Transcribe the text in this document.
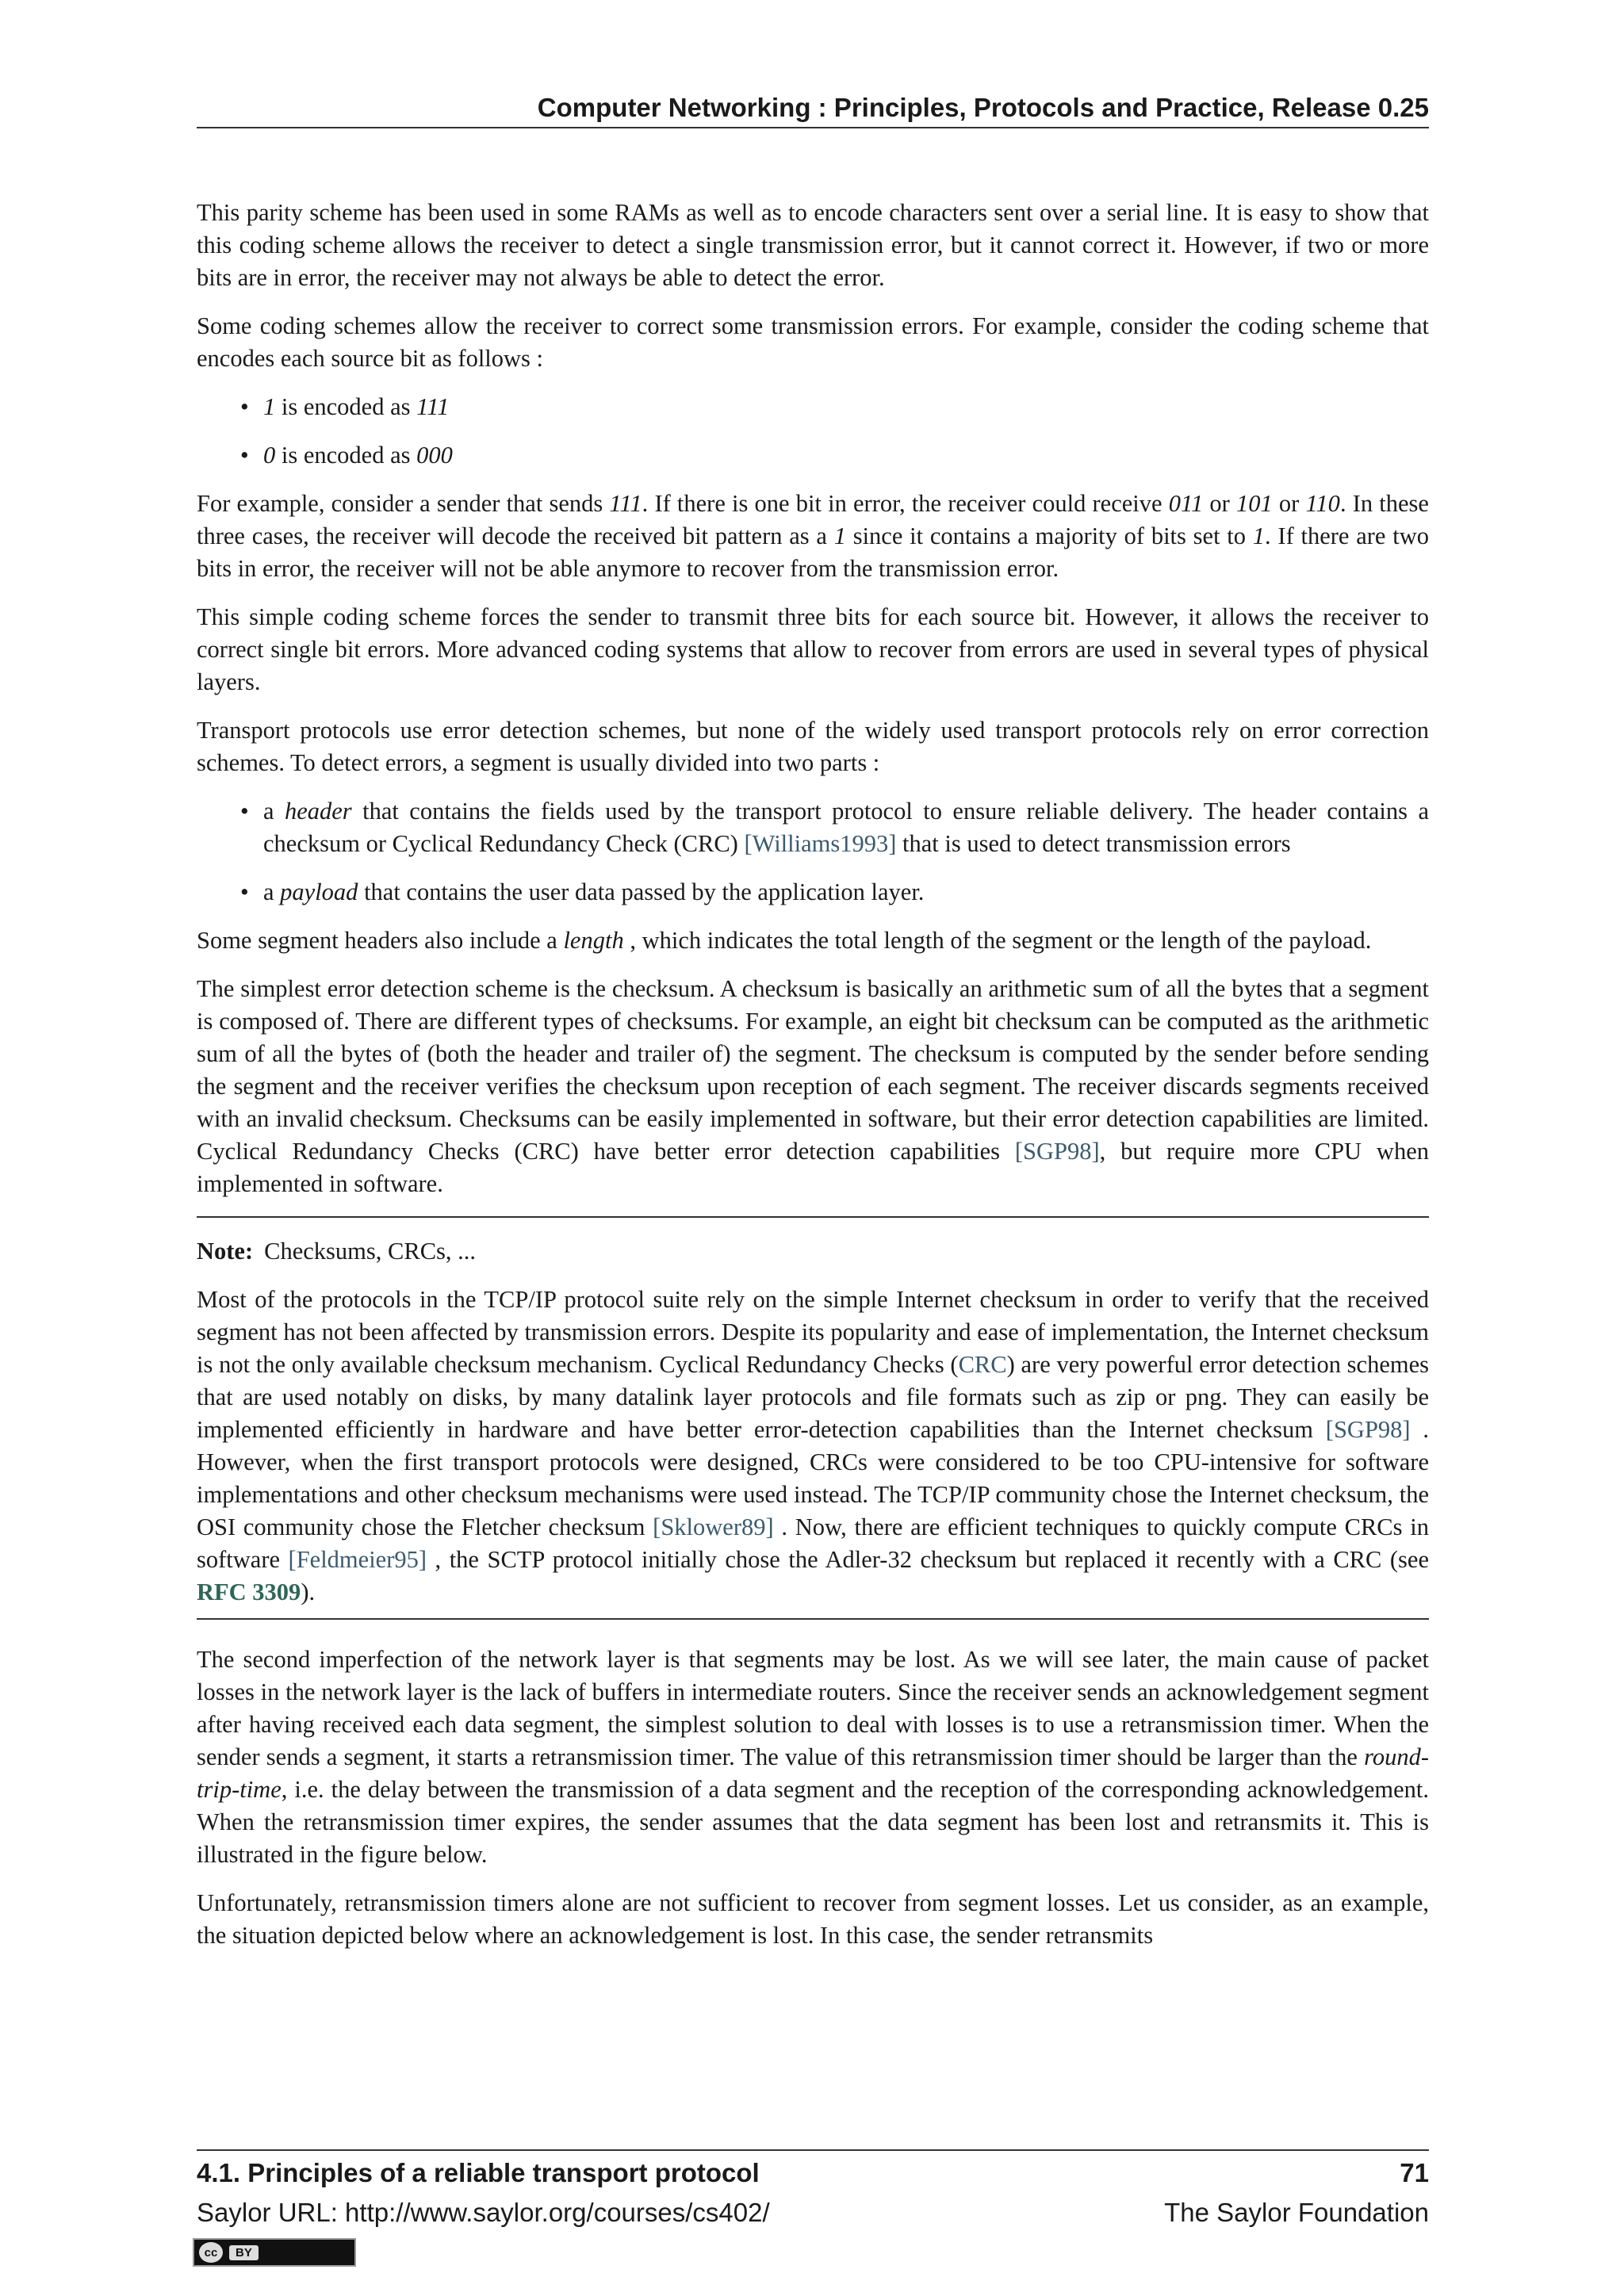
Computer Networking : Principles, Protocols and Practice, Release 0.25

This parity scheme has been used in some RAMs as well as to encode characters sent over a serial line. It is easy to show that this coding scheme allows the receiver to detect a single transmission error, but it cannot correct it. However, if two or more bits are in error, the receiver may not always be able to detect the error.

Some coding schemes allow the receiver to correct some transmission errors. For example, consider the coding scheme that encodes each source bit as follows :

• 1 is encoded as 111
• 0 is encoded as 000

For example, consider a sender that sends 111. If there is one bit in error, the receiver could receive 011 or 101 or 110. In these three cases, the receiver will decode the received bit pattern as a 1 since it contains a majority of bits set to 1. If there are two bits in error, the receiver will not be able anymore to recover from the transmission error.

This simple coding scheme forces the sender to transmit three bits for each source bit. However, it allows the receiver to correct single bit errors. More advanced coding systems that allow to recover from errors are used in several types of physical layers.

Transport protocols use error detection schemes, but none of the widely used transport protocols rely on error correction schemes. To detect errors, a segment is usually divided into two parts :

• a header that contains the fields used by the transport protocol to ensure reliable delivery. The header contains a checksum or Cyclical Redundancy Check (CRC) [Williams1993] that is used to detect transmission errors
• a payload that contains the user data passed by the application layer.

Some segment headers also include a length , which indicates the total length of the segment or the length of the payload.

The simplest error detection scheme is the checksum. A checksum is basically an arithmetic sum of all the bytes that a segment is composed of. There are different types of checksums. For example, an eight bit checksum can be computed as the arithmetic sum of all the bytes of (both the header and trailer of) the segment. The checksum is computed by the sender before sending the segment and the receiver verifies the checksum upon reception of each segment. The receiver discards segments received with an invalid checksum. Checksums can be easily implemented in software, but their error detection capabilities are limited. Cyclical Redundancy Checks (CRC) have better error detection capabilities [SGP98], but require more CPU when implemented in software.

Note: Checksums, CRCs, ...

Most of the protocols in the TCP/IP protocol suite rely on the simple Internet checksum in order to verify that the received segment has not been affected by transmission errors. Despite its popularity and ease of implementation, the Internet checksum is not the only available checksum mechanism. Cyclical Redundancy Checks (CRC) are very powerful error detection schemes that are used notably on disks, by many datalink layer protocols and file formats such as zip or png. They can easily be implemented efficiently in hardware and have better error-detection capabilities than the Internet checksum [SGP98] . However, when the first transport protocols were designed, CRCs were considered to be too CPU-intensive for software implementations and other checksum mechanisms were used instead. The TCP/IP community chose the Internet checksum, the OSI community chose the Fletcher checksum [Sklower89] . Now, there are efficient techniques to quickly compute CRCs in software [Feldmeier95] , the SCTP protocol initially chose the Adler-32 checksum but replaced it recently with a CRC (see RFC 3309).

The second imperfection of the network layer is that segments may be lost. As we will see later, the main cause of packet losses in the network layer is the lack of buffers in intermediate routers. Since the receiver sends an acknowledgement segment after having received each data segment, the simplest solution to deal with losses is to use a retransmission timer. When the sender sends a segment, it starts a retransmission timer. The value of this retransmission timer should be larger than the round-trip-time, i.e. the delay between the transmission of a data segment and the reception of the corresponding acknowledgement. When the retransmission timer expires, the sender assumes that the data segment has been lost and retransmits it. This is illustrated in the figure below.

Unfortunately, retransmission timers alone are not sufficient to recover from segment losses. Let us consider, as an example, the situation depicted below where an acknowledgement is lost. In this case, the sender retransmits

4.1. Principles of a reliable transport protocol	71
Saylor URL: http://www.saylor.org/courses/cs402/	The Saylor Foundation
cc	BY
